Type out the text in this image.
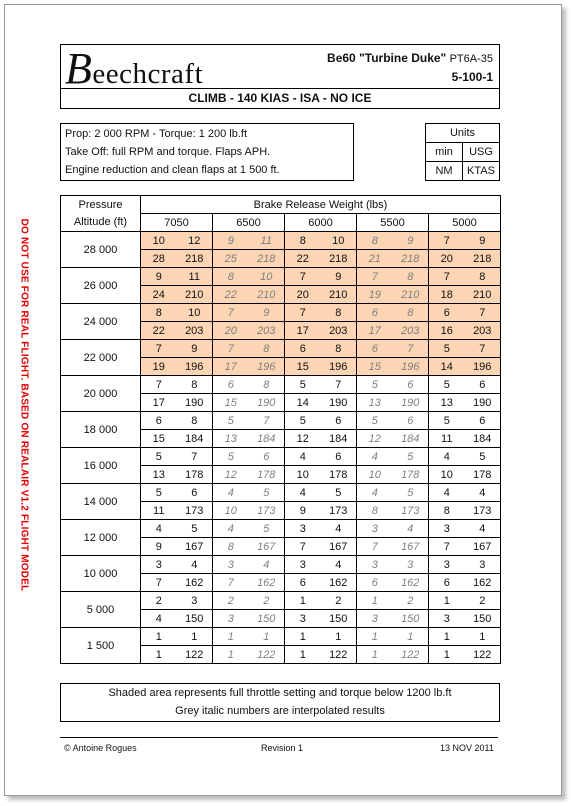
Beechcraft	Be60 "Turbine Duke" PT6A-35
5-100-1
CLIMB - 140 KIAS - ISA - NO ICE
Prop: 2 000 RPM - Torque: 1 200 lb.ft
Take Off: full RPM and torque. Flaps APH.
Engine reduction and clean flaps at 1 500 ft.
Units
min	USG
NM	KTAS
DO NOT USE FOR REAL FLIGHT. BASED ON REALAIR V1.2 FLIGHT MODEL
Pressure	Brake Release Weight (lbs)									
Altitude (ft)	7050		6500		6000		5500		5000	
28 000	10	12	9	11	8	10	8	9	7	9
	28	218	25	218	22	218	21	218	20	218
26 000	9	11	8	10	7	9	7	8	7	8
	24	210	22	210	20	210	19	210	18	210
24 000	8	10	7	9	7	8	6	8	6	7
	22	203	20	203	17	203	17	203	16	203
22 000	7	9	7	8	6	8	6	7	5	7
	19	196	17	196	15	196	15	196	14	196
20 000	7	8	6	8	5	7	5	6	5	6
	17	190	15	190	14	190	13	190	13	190
18 000	6	8	5	7	5	6	5	6	5	6
	15	184	13	184	12	184	12	184	11	184
16 000	5	7	5	6	4	6	4	5	4	5
	13	178	12	178	10	178	10	178	10	178
14 000	5	6	4	5	4	5	4	5	4	4
	11	173	10	173	9	173	8	173	8	173
12 000	4	5	4	5	3	4	3	4	3	4
	9	167	8	167	7	167	7	167	7	167
10 000	3	4	3	4	3	4	3	3	3	3
	7	162	7	162	6	162	6	162	6	162
5 000	2	3	2	2	1	2	1	2	1	2
	4	150	3	150	3	150	3	150	3	150
1 500	1	1	1	1	1	1	1	1	1	1
	1	122	1	122	1	122	1	122	1	122
Shaded area represents full throttle setting and torque below 1200 lb.ft
Grey italic numbers are interpolated results
© Antoine Rogues	Revision 1	13 NOV 2011
